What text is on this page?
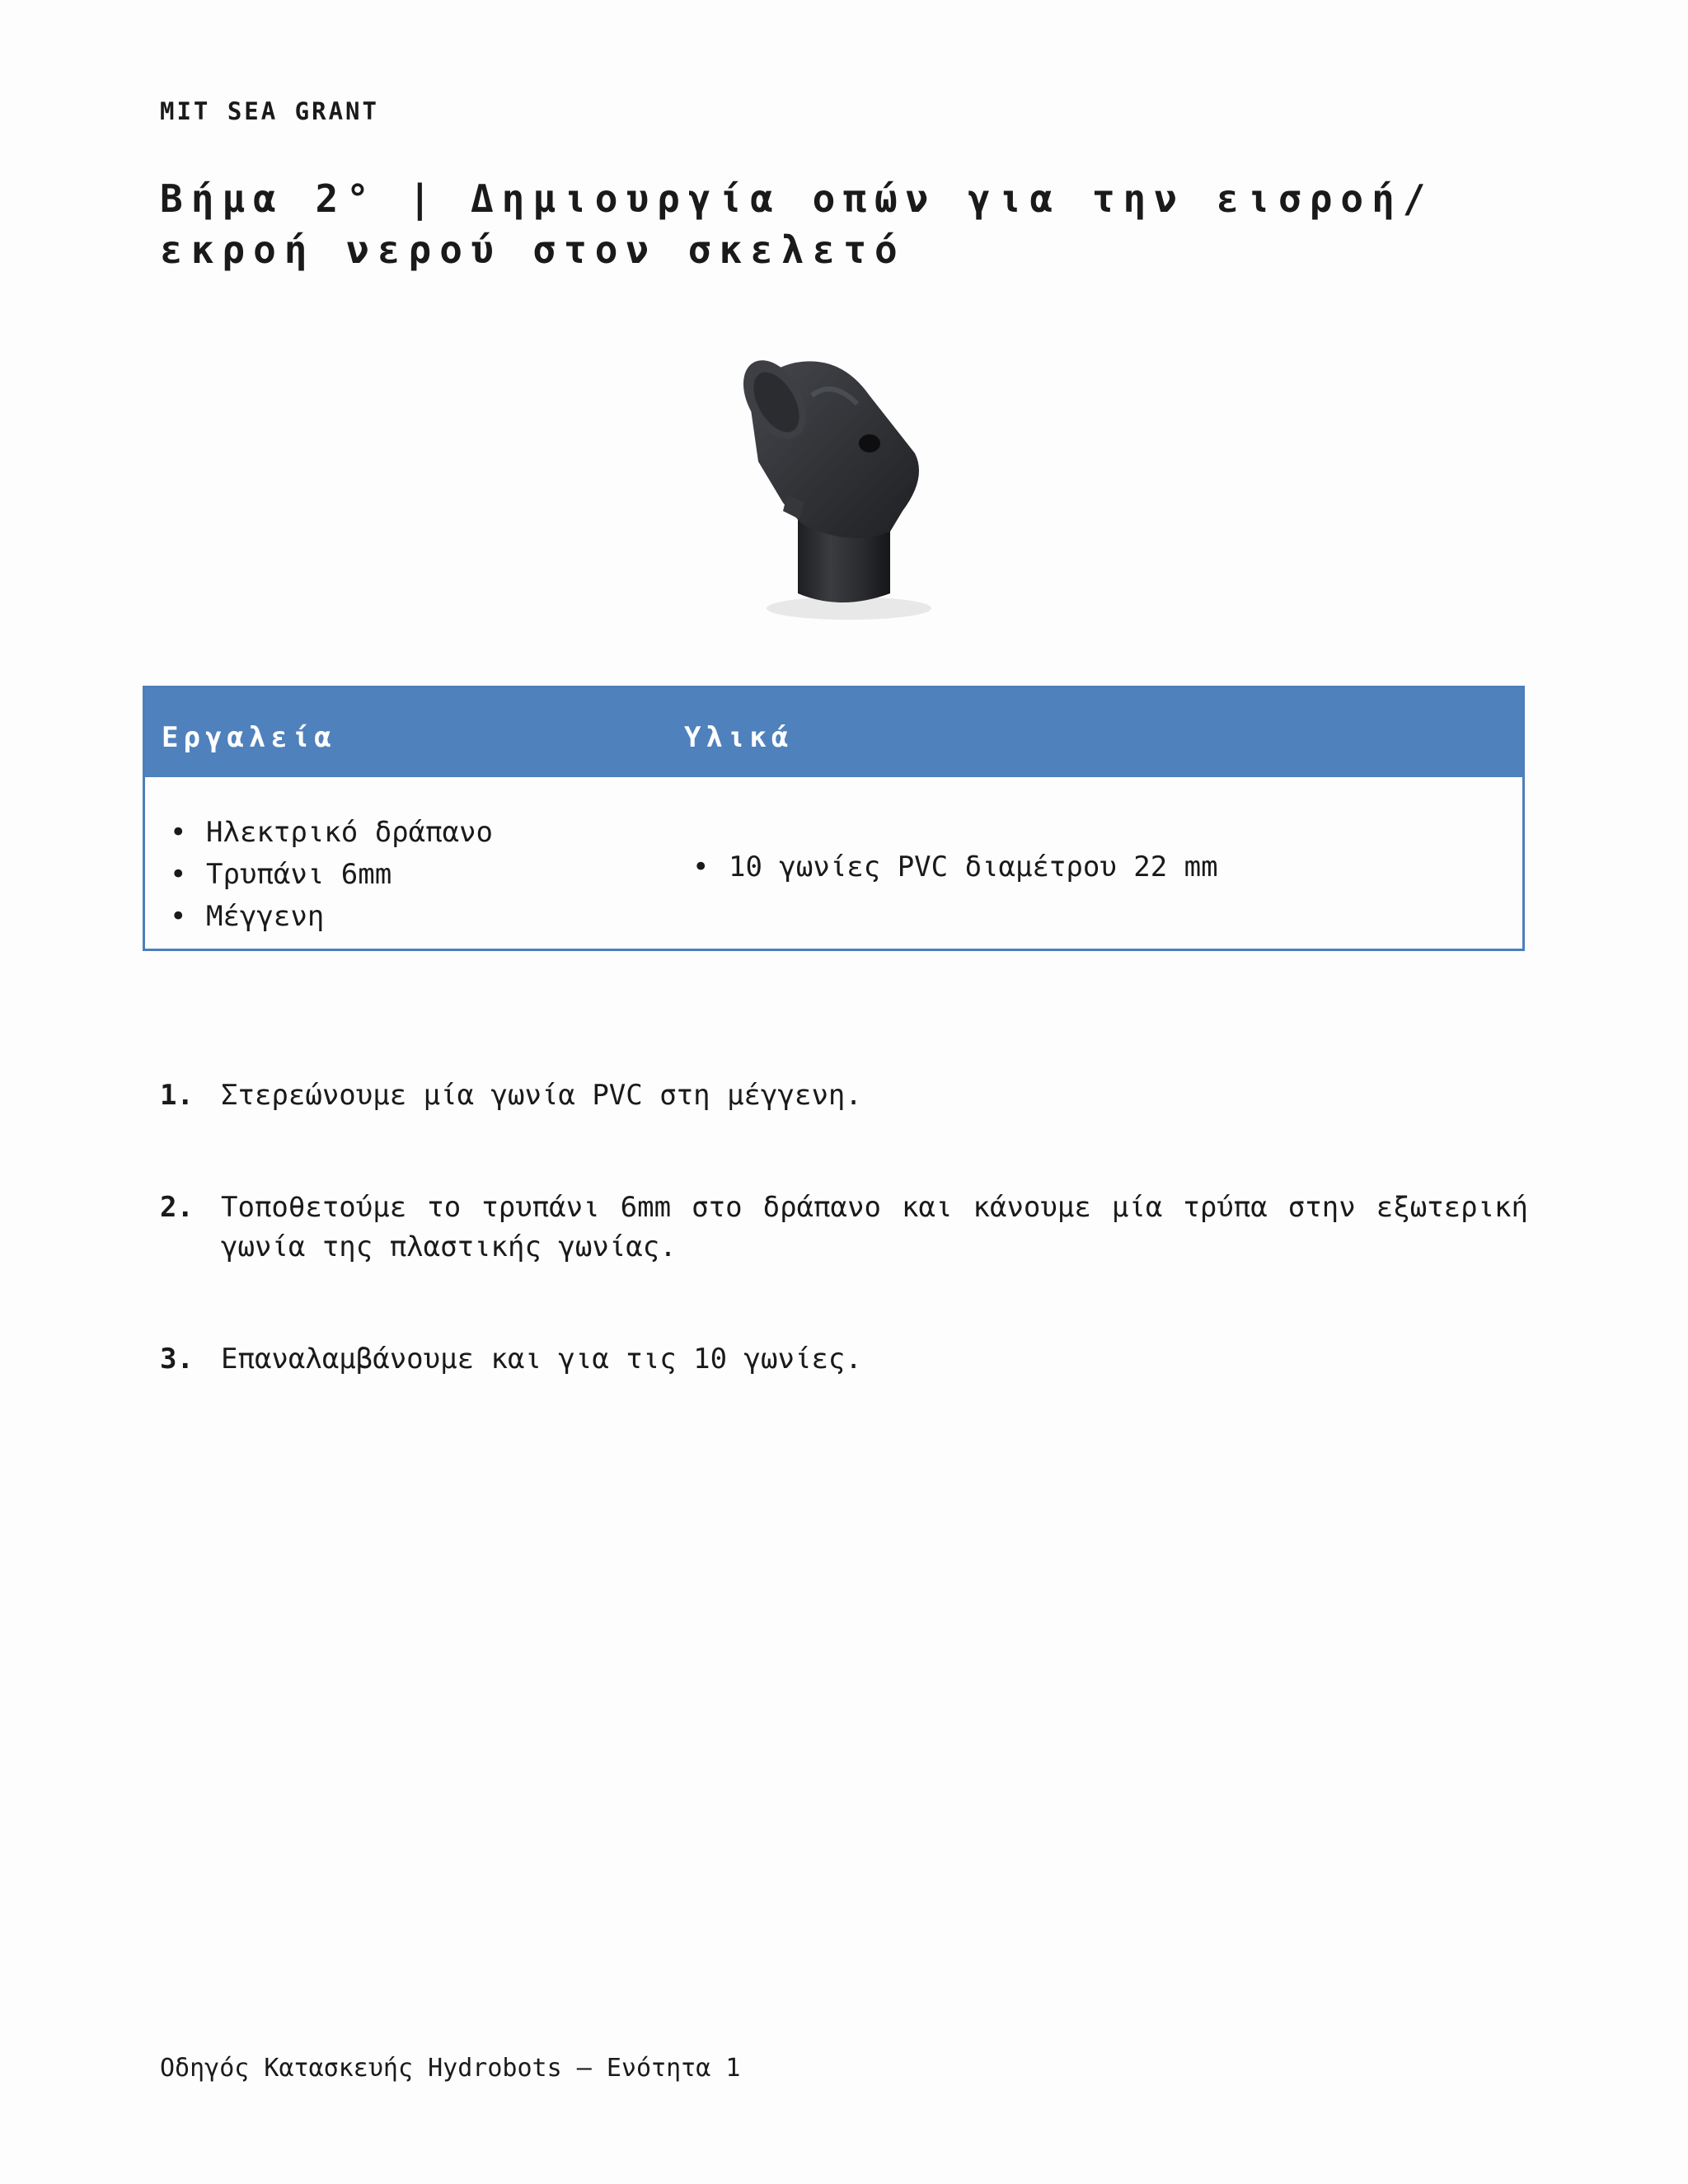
MIT SEA GRANT
Βήμα 2° | Δημιουργία οπών για την εισροή/εκροή νερού στον σκελετό
Εργαλεία	Υλικά
• Ηλεκτρικό δράπανο
• Τρυπάνι 6mm
• Μέγγενη
• 10 γωνίες PVC διαμέτρου 22 mm
1. Στερεώνουμε μία γωνία PVC στη μέγγενη.
2. Τοποθετούμε το τρυπάνι 6mm στο δράπανο και κάνουμε μία τρύπα στην εξωτερική γωνία της πλαστικής γωνίας.
3. Επαναλαμβάνουμε και για τις 10 γωνίες.
Οδηγός Κατασκευής Hydrobots – Ενότητα 1
